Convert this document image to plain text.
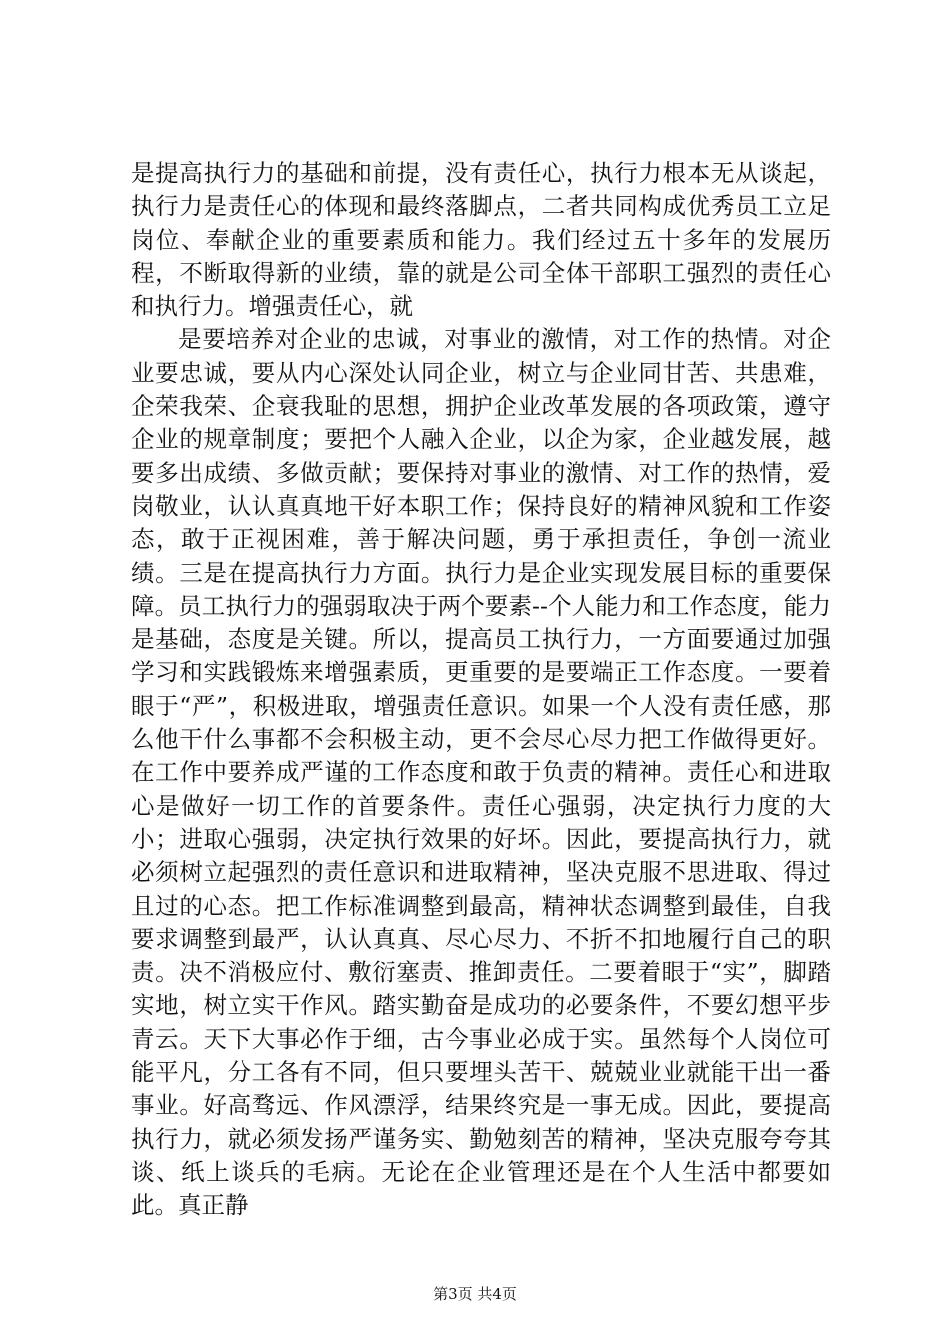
是提高执行力的基础和前提，没有责任心，执行力根本无从谈起，执行力是责任心的体现和最终落脚点，二者共同构成优秀员工立足岗位、奉献企业的重要素质和能力。我们经过五十多年的发展历程，不断取得新的业绩，靠的就是公司全体干部职工强烈的责任心和执行力。增强责任心，就

是要培养对企业的忠诚，对事业的激情，对工作的热情。对企业要忠诚，要从内心深处认同企业，树立与企业同甘苦、共患难，企荣我荣、企衰我耻的思想，拥护企业改革发展的各项政策，遵守企业的规章制度；要把个人融入企业，以企为家，企业越发展，越要多出成绩、多做贡献；要保持对事业的激情、对工作的热情，爱岗敬业，认认真真地干好本职工作；保持良好的精神风貌和工作姿态，敢于正视困难，善于解决问题，勇于承担责任，争创一流业绩。三是在提高执行力方面。执行力是企业实现发展目标的重要保障。员工执行力的强弱取决于两个要素--个人能力和工作态度，能力是基础，态度是关键。所以，提高员工执行力，一方面要通过加强学习和实践锻炼来增强素质，更重要的是要端正工作态度。一要着眼于“严”，积极进取，增强责任意识。如果一个人没有责任感，那么他干什么事都不会积极主动，更不会尽心尽力把工作做得更好。在工作中要养成严谨的工作态度和敢于负责的精神。责任心和进取心是做好一切工作的首要条件。责任心强弱，决定执行力度的大小；进取心强弱，决定执行效果的好坏。因此，要提高执行力，就必须树立起强烈的责任意识和进取精神，坚决克服不思进取、得过且过的心态。把工作标准调整到最高，精神状态调整到最佳，自我要求调整到最严，认认真真、尽心尽力、不折不扣地履行自己的职责。决不消极应付、敷衍塞责、推卸责任。二要着眼于“实”，脚踏实地，树立实干作风。踏实勤奋是成功的必要条件，不要幻想平步青云。天下大事必作于细，古今事业必成于实。虽然每个人岗位可能平凡，分工各有不同，但只要埋头苦干、兢兢业业就能干出一番事业。好高骛远、作风漂浮，结果终究是一事无成。因此，要提高执行力，就必须发扬严谨务实、勤勉刻苦的精神，坚决克服夸夸其谈、纸上谈兵的毛病。无论在企业管理还是在个人生活中都要如此。真正静

第3页 共4页
